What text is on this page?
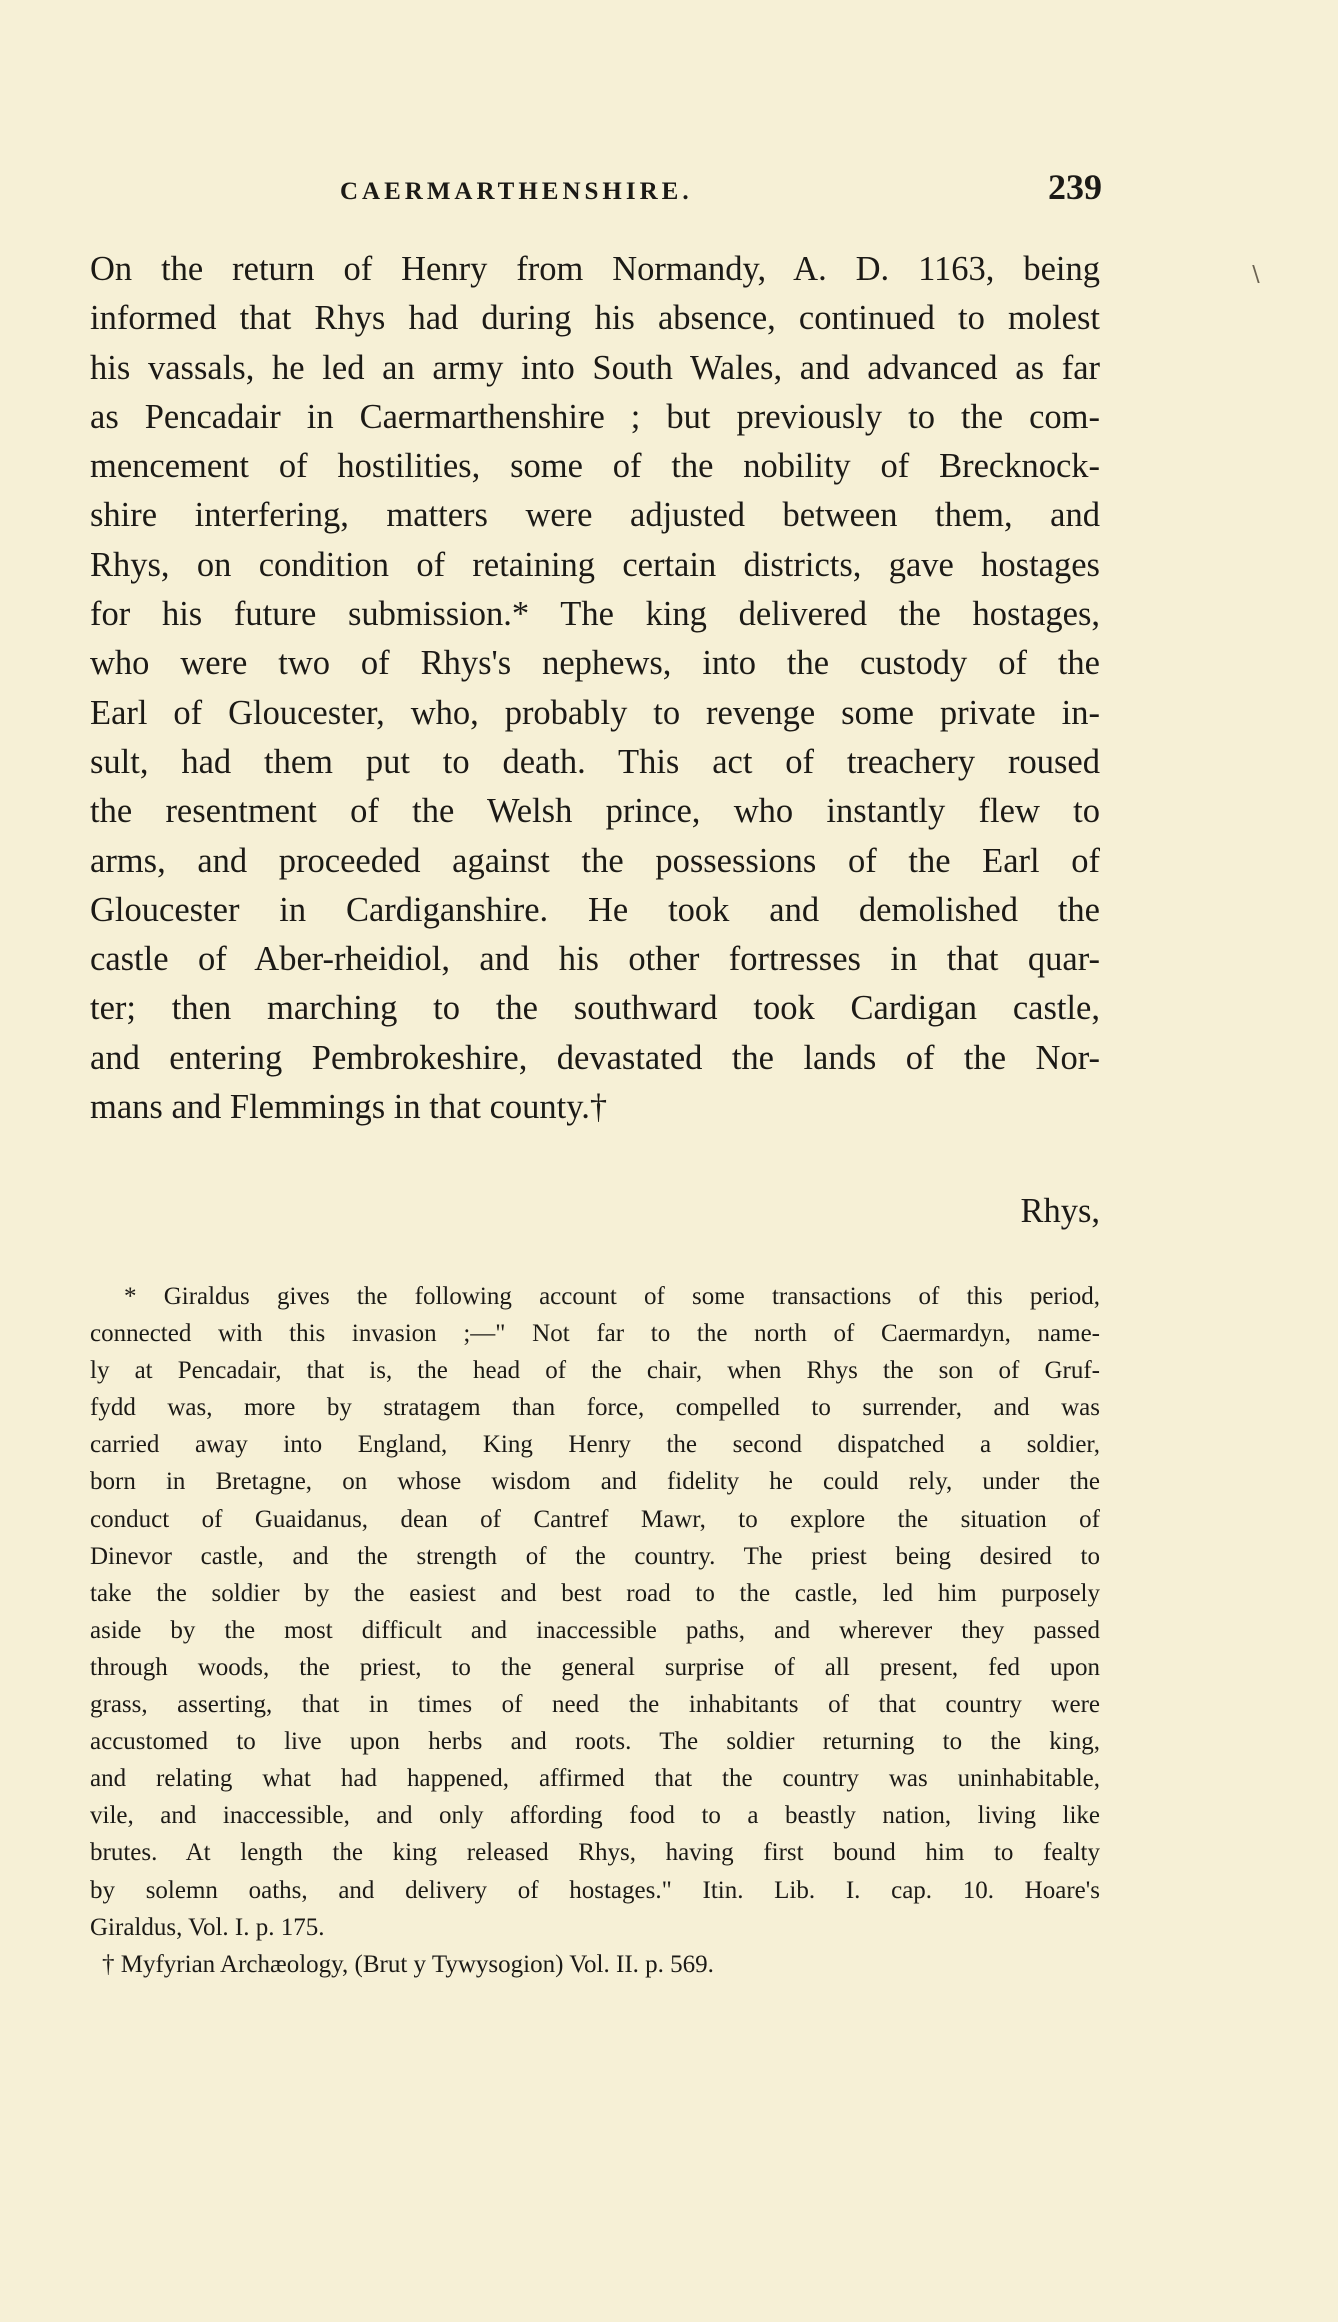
CAERMARTHENSHIRE.	239
∖
On the return of Henry from Normandy, A. D. 1163, being
informed that Rhys had during his absence, continued to molest
his vassals, he led an army into South Wales, and advanced as far
as Pencadair in Caermarthenshire ; but previously to the com-
mencement of hostilities, some of the nobility of Brecknock-
shire interfering, matters were adjusted between them, and
Rhys, on condition of retaining certain districts, gave hostages
for his future submission.* The king delivered the hostages,
who were two of Rhys's nephews, into the custody of the
Earl of Gloucester, who, probably to revenge some private in-
sult, had them put to death. This act of treachery roused
the resentment of the Welsh prince, who instantly flew to
arms, and proceeded against the possessions of the Earl of
Gloucester in Cardiganshire. He took and demolished the
castle of Aber-rheidiol, and his other fortresses in that quar-
ter; then marching to the southward took Cardigan castle,
and entering Pembrokeshire, devastated the lands of the Nor-
mans and Flemmings in that county.†
Rhys,
* Giraldus gives the following account of some transactions of this period,
connected with this invasion ;—" Not far to the north of Caermardyn, name-
ly at Pencadair, that is, the head of the chair, when Rhys the son of Gruf-
fydd was, more by stratagem than force, compelled to surrender, and was
carried away into England, King Henry the second dispatched a soldier,
born in Bretagne, on whose wisdom and fidelity he could rely, under the
conduct of Guaidanus, dean of Cantref Mawr, to explore the situation of
Dinevor castle, and the strength of the country. The priest being desired to
take the soldier by the easiest and best road to the castle, led him purposely
aside by the most difficult and inaccessible paths, and wherever they passed
through woods, the priest, to the general surprise of all present, fed upon
grass, asserting, that in times of need the inhabitants of that country were
accustomed to live upon herbs and roots. The soldier returning to the king,
and relating what had happened, affirmed that the country was uninhabitable,
vile, and inaccessible, and only affording food to a beastly nation, living like
brutes. At length the king released Rhys, having first bound him to fealty
by solemn oaths, and delivery of hostages." Itin. Lib. I. cap. 10. Hoare's
Giraldus, Vol. I. p. 175.
† Myfyrian Archæology, (Brut y Tywysogion) Vol. II. p. 569.
